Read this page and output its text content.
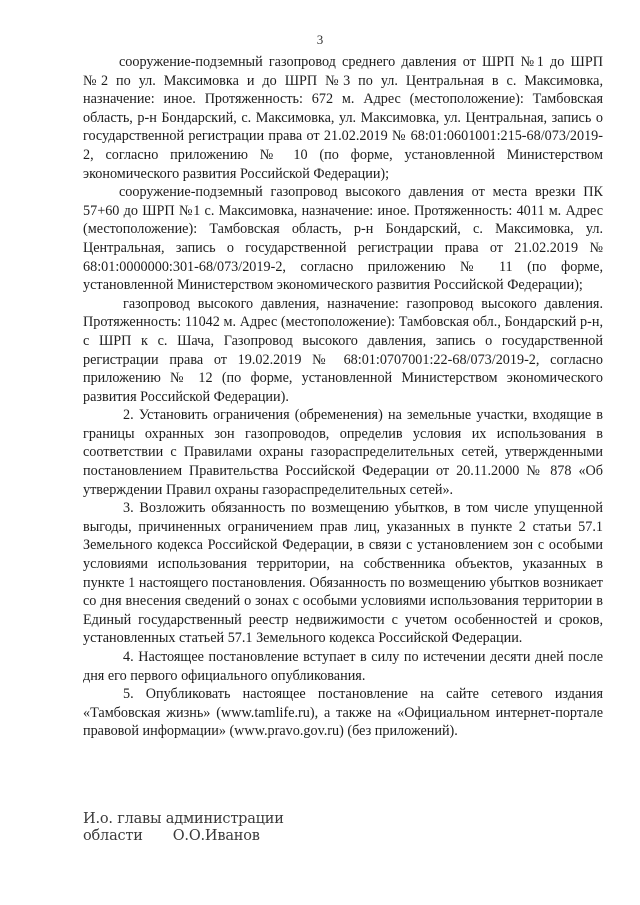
3

сооружение-подземный газопровод среднего давления от ШРП №1 до ШРП №2 по ул. Максимовка и до ШРП №3 по ул. Центральная в с. Максимовка, назначение: иное. Протяженность: 672 м. Адрес (местоположение): Тамбовская область, р-н Бондарский, с. Максимовка, ул. Максимовка, ул. Центральная, запись о государственной регистрации права от 21.02.2019 № 68:01:0601001:215-68/073/2019-2, согласно приложению № 10 (по форме, установленной Министерством экономического развития Российской Федерации);

сооружение-подземный газопровод высокого давления от места врезки ПК 57+60 до ШРП №1 с. Максимовка, назначение: иное. Протяженность: 4011 м. Адрес (местоположение): Тамбовская область, р-н Бондарский, с. Максимовка, ул. Центральная, запись о государственной регистрации права от 21.02.2019 № 68:01:0000000:301-68/073/2019-2, согласно приложению № 11 (по форме, установленной Министерством экономического развития Российской Федерации);

газопровод высокого давления, назначение: газопровод высокого давления. Протяженность: 11042 м. Адрес (местоположение): Тамбовская обл., Бондарский р-н, с ШРП к с. Шача, Газопровод высокого давления, запись о государственной регистрации права от 19.02.2019 № 68:01:0707001:22-68/073/2019-2, согласно приложению № 12 (по форме, установленной Министерством экономического развития Российской Федерации).

2. Установить ограничения (обременения) на земельные участки, входящие в границы охранных зон газопроводов, определив условия их использования в соответствии с Правилами охраны газораспределительных сетей, утвержденными постановлением Правительства Российской Федерации от 20.11.2000 № 878 «Об утверждении Правил охраны газораспределительных сетей».

3. Возложить обязанность по возмещению убытков, в том числе упущенной выгоды, причиненных ограничением прав лиц, указанных в пункте 2 статьи 57.1 Земельного кодекса Российской Федерации, в связи с установлением зон с особыми условиями использования территории, на собственника объектов, указанных в пункте 1 настоящего постановления. Обязанность по возмещению убытков возникает со дня внесения сведений о зонах с особыми условиями использования территории в Единый государственный реестр недвижимости с учетом особенностей и сроков, установленных статьей 57.1 Земельного кодекса Российской Федерации.

4. Настоящее постановление вступает в силу по истечении десяти дней после дня его первого официального опубликования.

5. Опубликовать настоящее постановление на сайте сетевого издания «Тамбовская жизнь» (www.tamlife.ru), а также на «Официальном интернет-портале правовой информации» (www.pravo.gov.ru) (без приложений).

И.о. главы администрации
области О.О.Иванов
